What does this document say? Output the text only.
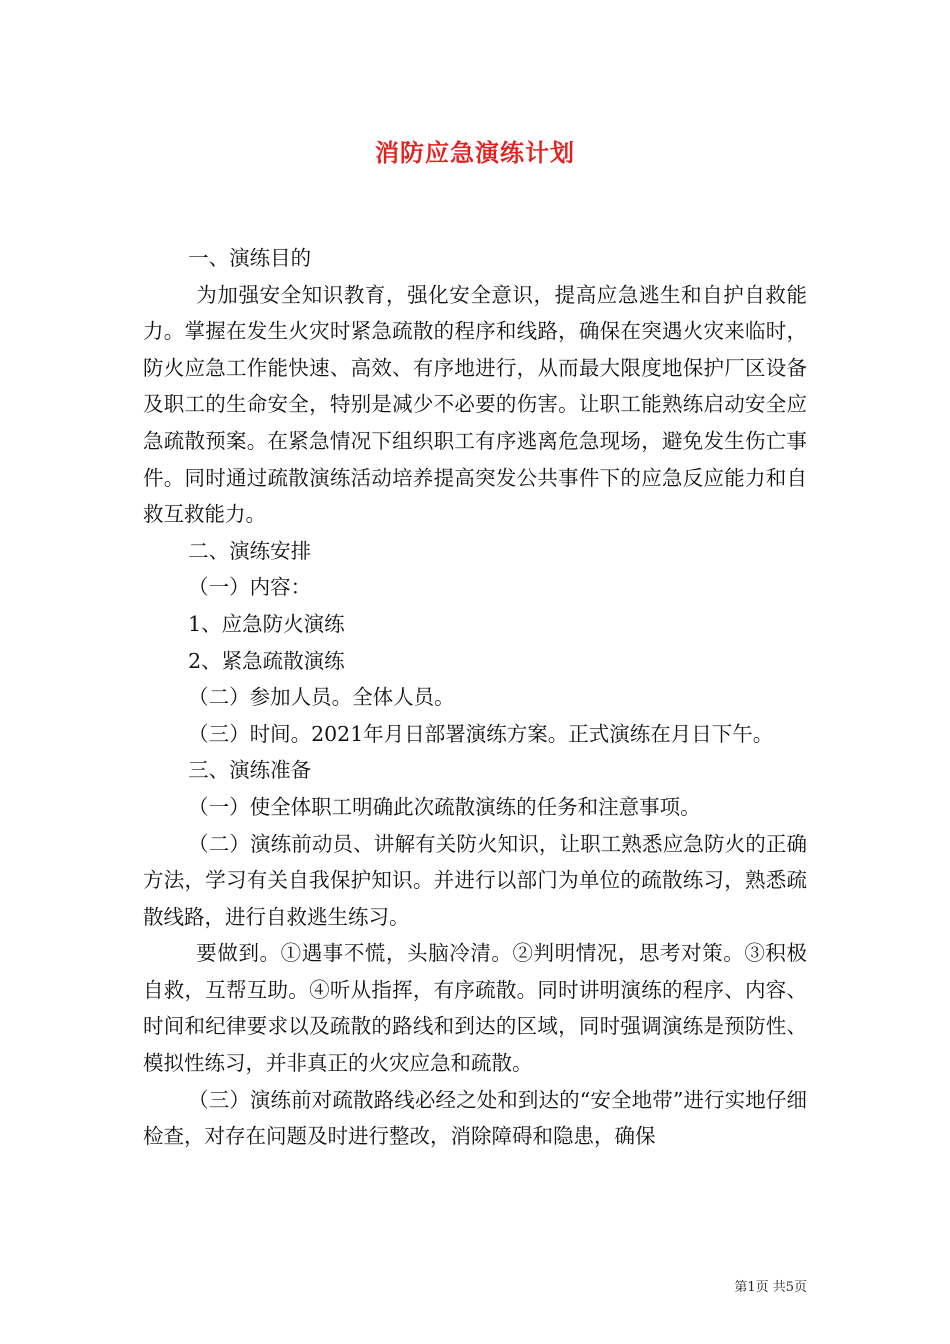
消防应急演练计划

一、演练目的

为加强安全知识教育，强化安全意识，提高应急逃生和自护自救能力。掌握在发生火灾时紧急疏散的程序和线路，确保在突遇火灾来临时，防火应急工作能快速、高效、有序地进行，从而最大限度地保护厂区设备及职工的生命安全，特别是减少不必要的伤害。让职工能熟练启动安全应急疏散预案。在紧急情况下组织职工有序逃离危急现场，避免发生伤亡事件。同时通过疏散演练活动培养提高突发公共事件下的应急反应能力和自救互救能力。

二、演练安排

（一）内容：

1、应急防火演练

2、紧急疏散演练

（二）参加人员。全体人员。

（三）时间。2021年月日部署演练方案。正式演练在月日下午。

三、演练准备

（一）使全体职工明确此次疏散演练的任务和注意事项。

（二）演练前动员、讲解有关防火知识，让职工熟悉应急防火的正确方法，学习有关自我保护知识。并进行以部门为单位的疏散练习，熟悉疏散线路，进行自救逃生练习。

要做到。①遇事不慌，头脑冷清。②判明情况，思考对策。③积极自救，互帮互助。④听从指挥，有序疏散。同时讲明演练的程序、内容、时间和纪律要求以及疏散的路线和到达的区域，同时强调演练是预防性、模拟性练习，并非真正的火灾应急和疏散。

（三）演练前对疏散路线必经之处和到达的“安全地带”进行实地仔细检查，对存在问题及时进行整改，消除障碍和隐患，确保

第1页 共5页
